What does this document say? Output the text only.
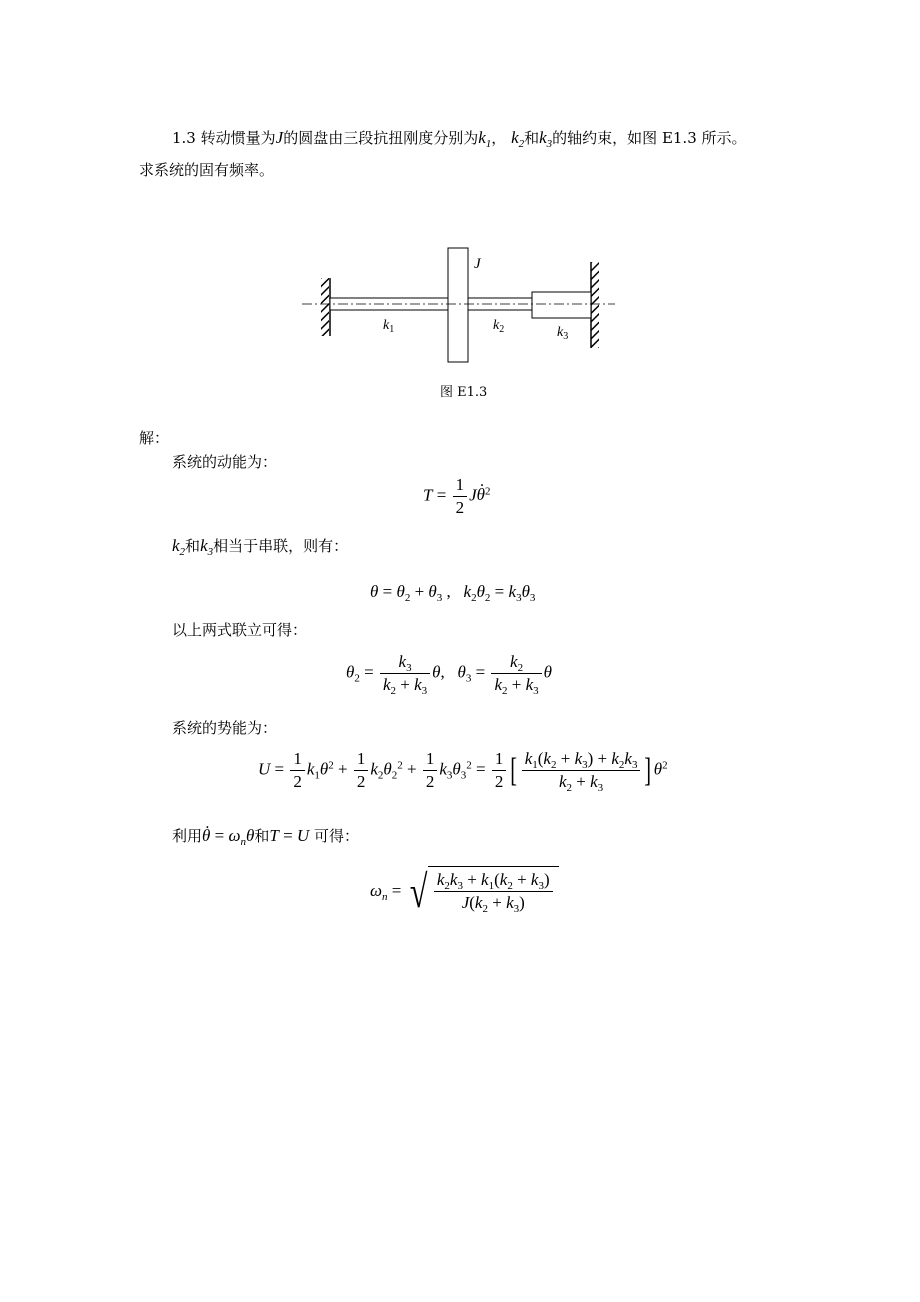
1.3 转动惯量为J的圆盘由三段抗扭刚度分别为$k_1$， $k_2$和$k_3$的轴约束，如图 E1.3 所示。
求系统的固有频率。
J
$k_1$	$k_2$	$k_3$
图 E1.3
解：
系统的动能为：
$T = \frac{1}{2}$ Jθ .$^2$
$k_2$和$k_3$相当于串联，则有：
$\theta = \theta_2 + \theta_3$ ,   $k_2\theta_2 = k_3\theta_3$
以上两式联立可得：
$\theta_2 = \frac{k_3}{k_2 + k_3} \theta$,   $\theta_3 = \frac{k_2}{k_2 + k_3}$ θ
系统的势能为：
$U = \frac{1}{2} k_1\theta^2 + \frac{1}{2} k_2\theta_2^2 + \frac{1}{2} k_3\theta_3^2 = \frac{1}{2}$ [ $\frac{k_1(k_2 + k_3) + k_2k_3}{k_2 + k_3}$ ] $\theta^2$
利用θ . = $\omega_n\theta$和T = U 可得：
$\omega_n$ = √ $\frac{k_2k_3 + k_1(k_2 + k_3)}{J(k_2 + k_3)}$
